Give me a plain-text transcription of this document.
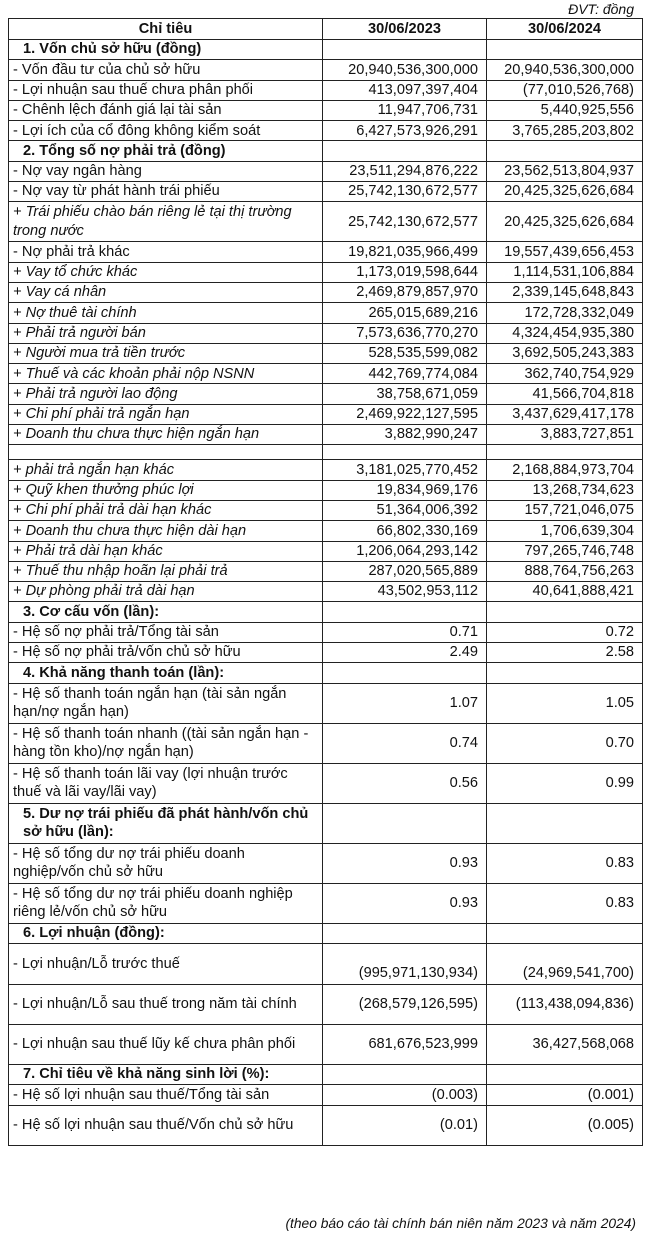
ĐVT: đồng
Chỉ tiêu	30/06/2023	30/06/2024
1. Vốn chủ sở hữu (đồng)		
- Vốn đầu tư của chủ sở hữu	20,940,536,300,000	20,940,536,300,000
- Lợi nhuận sau thuế chưa phân phối	413,097,397,404	(77,010,526,768)
- Chênh lệch đánh giá lại tài sản	11,947,706,731	5,440,925,556
- Lợi ích của cổ đông không kiểm soát	6,427,573,926,291	3,765,285,203,802
2. Tổng số nợ phải trả (đồng)		
- Nợ vay ngân hàng	23,511,294,876,222	23,562,513,804,937
- Nợ vay từ phát hành trái phiếu	25,742,130,672,577	20,425,325,626,684
+ Trái phiếu chào bán riêng lẻ tại thị trường trong nước	25,742,130,672,577	20,425,325,626,684
- Nợ phải trả khác	19,821,035,966,499	19,557,439,656,453
+ Vay tổ chức khác	1,173,019,598,644	1,114,531,106,884
+ Vay cá nhân	2,469,879,857,970	2,339,145,648,843
+ Nợ thuê tài chính	265,015,689,216	172,728,332,049
+ Phải trả người bán	7,573,636,770,270	4,324,454,935,380
+ Người mua trả tiền trước	528,535,599,082	3,692,505,243,383
+ Thuế và các khoản phải nộp NSNN	442,769,774,084	362,740,754,929
+ Phải trả người lao động	38,758,671,059	41,566,704,818
+ Chi phí phải trả ngắn hạn	2,469,922,127,595	3,437,629,417,178
+ Doanh thu chưa thực hiện ngắn hạn	3,882,990,247	3,883,727,851

+ phải trả ngắn hạn khác	3,181,025,770,452	2,168,884,973,704
+ Quỹ khen thưởng phúc lợi	19,834,969,176	13,268,734,623
+ Chi phí phải trả dài hạn khác	51,364,006,392	157,721,046,075
+ Doanh thu chưa thực hiện dài hạn	66,802,330,169	1,706,639,304
+ Phải trả dài hạn khác	1,206,064,293,142	797,265,746,748
+ Thuế thu nhập hoãn lại phải trả	287,020,565,889	888,764,756,263
+ Dự phòng phải trả dài hạn	43,502,953,112	40,641,888,421
3. Cơ cấu vốn (lần):		
- Hệ số nợ phải trả/Tổng tài sản	0.71	0.72
- Hệ số nợ phải trả/vốn chủ sở hữu	2.49	2.58
4. Khả năng thanh toán (lần):		
- Hệ số thanh toán ngắn hạn (tài sản ngắn hạn/nợ ngắn hạn)	1.07	1.05
- Hệ số thanh toán nhanh ((tài sản ngắn hạn - hàng tồn kho)/nợ ngắn hạn)	0.74	0.70
- Hệ số thanh toán lãi vay (lợi nhuận trước thuế và lãi vay/lãi vay)	0.56	0.99
5. Dư nợ trái phiếu đã phát hành/vốn chủ sở hữu (lần):		
- Hệ số tổng dư nợ trái phiếu doanh nghiệp/vốn chủ sở hữu	0.93	0.83
- Hệ số tổng dư nợ trái phiếu doanh nghiệp riêng lẻ/vốn chủ sở hữu	0.93	0.83
6. Lợi nhuận (đồng):		
- Lợi nhuận/Lỗ trước thuế	(995,971,130,934)	(24,969,541,700)
- Lợi nhuận/Lỗ sau thuế trong năm tài chính	(268,579,126,595)	(113,438,094,836)
- Lợi nhuận sau thuế lũy kế chưa phân phối	681,676,523,999	36,427,568,068
7. Chỉ tiêu về khả năng sinh lời (%):		
- Hệ số lợi nhuận sau thuế/Tổng tài sản	(0.003)	(0.001)
- Hệ số lợi nhuận sau thuế/Vốn chủ sở hữu	(0.01)	(0.005)
(theo báo cáo tài chính bán niên năm 2023 và năm 2024)
